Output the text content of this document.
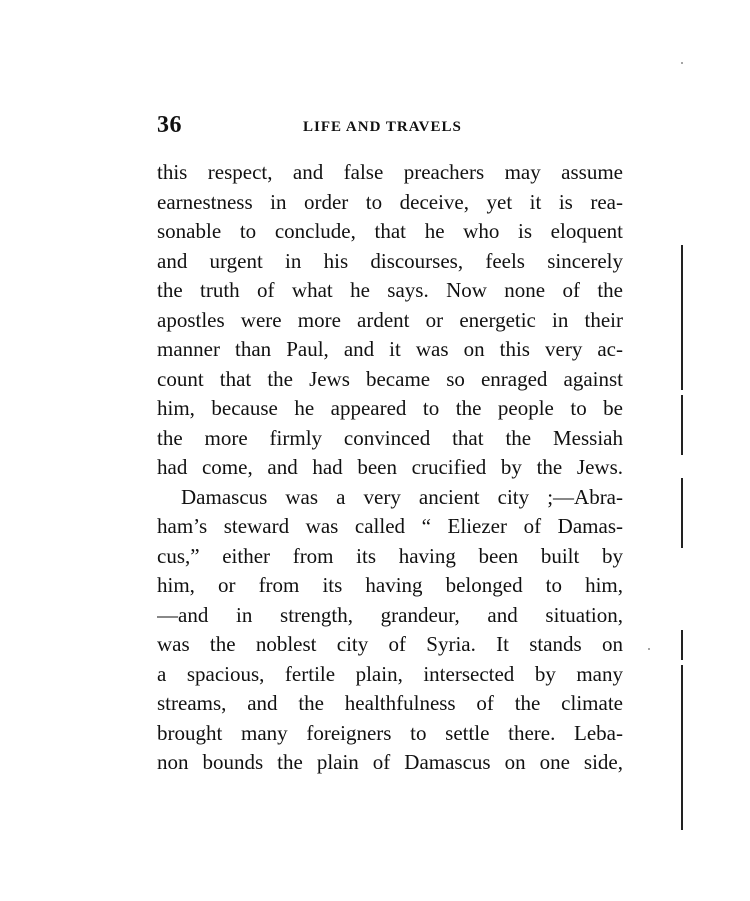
36	LIFE AND TRAVELS
this respect, and false preachers may assume
earnestness in order to deceive, yet it is rea-
sonable to conclude, that he who is eloquent
and urgent in his discourses, feels sincerely
the truth of what he says. Now none of the
apostles were more ardent or energetic in their
manner than Paul, and it was on this very ac-
count that the Jews became so enraged against
him, because he appeared to the people to be
the more firmly convinced that the Messiah
had come, and had been crucified by the Jews.
Damascus was a very ancient city ;—Abra-
ham’s steward was called “ Eliezer of Damas-
cus,” either from its having been built by
him, or from its having belonged to him,
—and in strength, grandeur, and situation,
was the noblest city of Syria. It stands on
a spacious, fertile plain, intersected by many
streams, and the healthfulness of the climate
brought many foreigners to settle there. Leba-
non bounds the plain of Damascus on one side,
